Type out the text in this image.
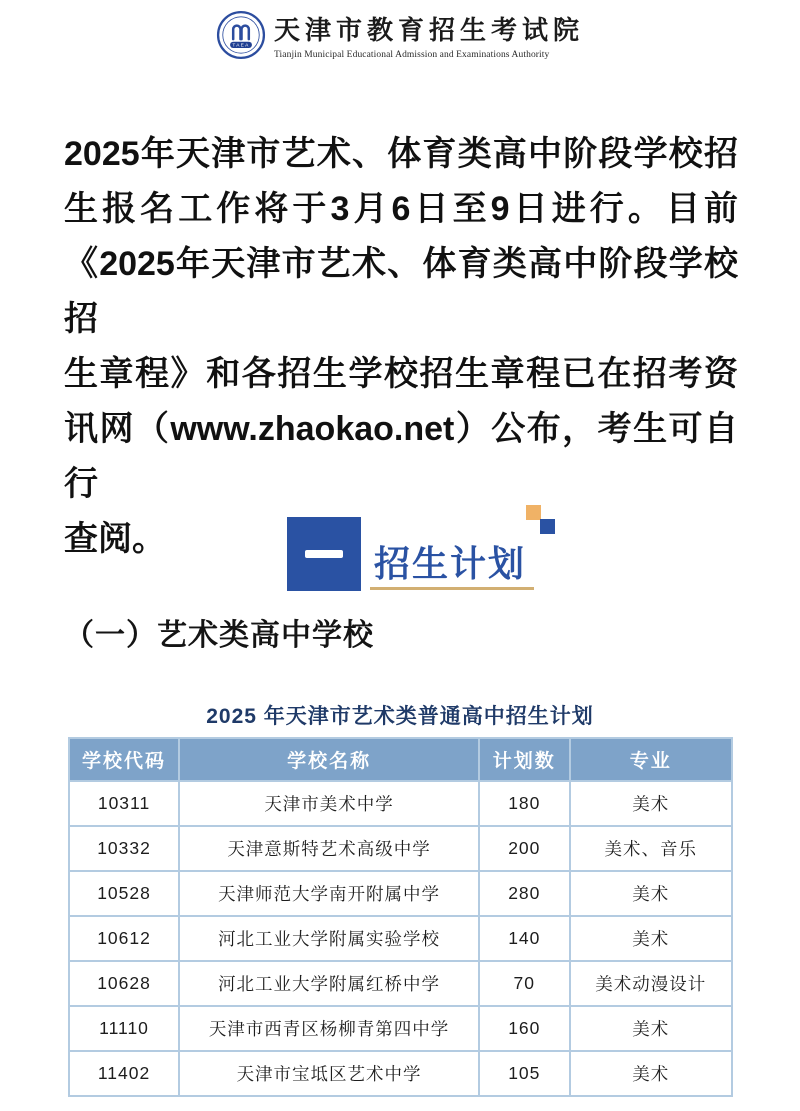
TAEA
天津市教育招生考试院
Tianjin Municipal Educational Admission and Examinations Authority
2025年天津市艺术、体育类高中阶段学校招
生报名工作将于3月6日至9日进行。目前
《2025年天津市艺术、体育类高中阶段学校招
生章程》和各招生学校招生章程已在招考资
讯网（www.zhaokao.net）公布，考生可自行
查阅。
招生计划
（一）艺术类高中学校
2025 年天津市艺术类普通高中招生计划
学校代码	学校名称	计划数	专业
10311	天津市美术中学	180	美术
10332	天津意斯特艺术高级中学	200	美术、音乐
10528	天津师范大学南开附属中学	280	美术
10612	河北工业大学附属实验学校	140	美术
10628	河北工业大学附属红桥中学	70	美术动漫设计
11110	天津市西青区杨柳青第四中学	160	美术
11402	天津市宝坻区艺术中学	105	美术
